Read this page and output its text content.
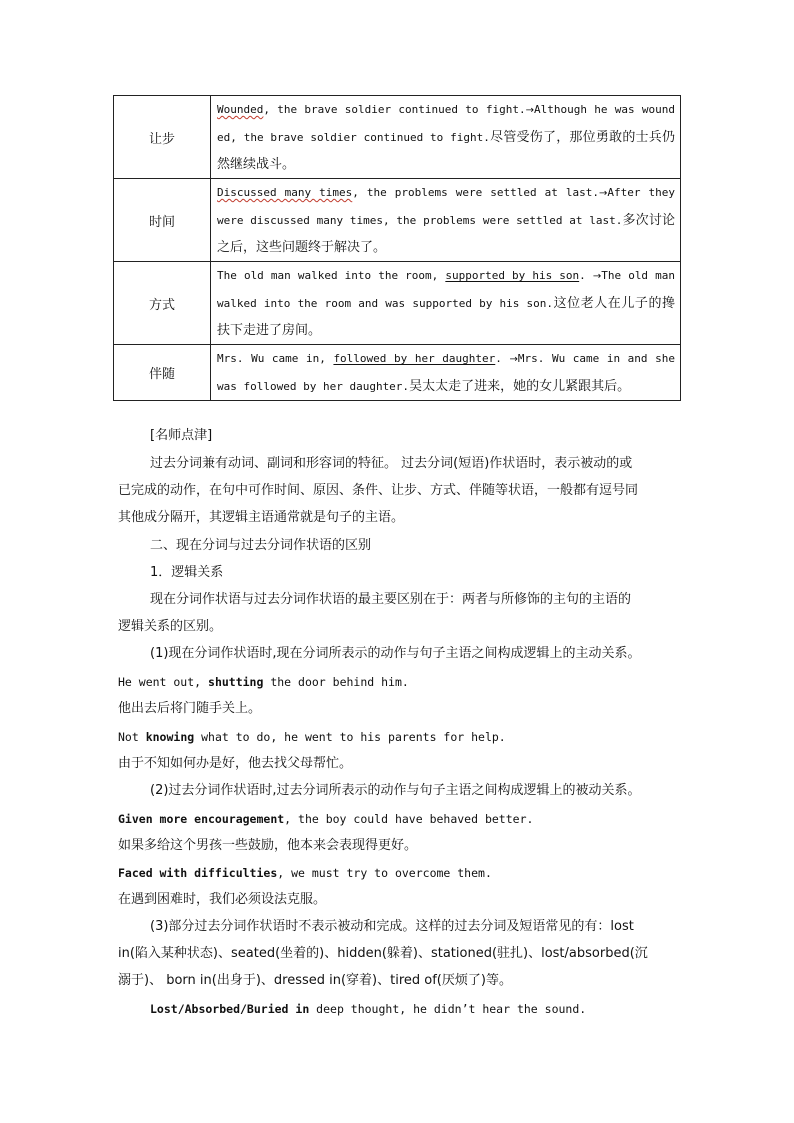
让步	Wounded, the brave soldier continued to fight.→Although he was wounded, the brave soldier continued to fight.尽管受伤了，那位勇敢的士兵仍然继续战斗。

时间	Discussed many times, the problems were settled at last.→After they were discussed many times, the problems were settled at last.多次讨论之后，这些问题终于解决了。

方式	The old man walked into the room, supported by his son. →The old man walked into the room and was supported by his son.这位老人在儿子的搀扶下走进了房间。

伴随	Mrs. Wu came in, followed by her daughter. →Mrs. Wu came in and she was followed by her daughter.吴太太走了进来，她的女儿紧跟其后。
[名师点津]
过去分词兼有动词、副词和形容词的特征。 过去分词(短语)作状语时，表示被动的或
已完成的动作，在句中可作时间、原因、条件、让步、方式、伴随等状语，一般都有逗号同
其他成分隔开，其逻辑主语通常就是句子的主语。
二、现在分词与过去分词作状语的区别
1．逻辑关系
现在分词作状语与过去分词作状语的最主要区别在于：两者与所修饰的主句的主语的
逻辑关系的区别。
(1)现在分词作状语时,现在分词所表示的动作与句子主语之间构成逻辑上的主动关系。
He went out, shutting the door behind him.
他出去后将门随手关上。
Not knowing what to do, he went to his parents for help.
由于不知如何办是好，他去找父母帮忙。
(2)过去分词作状语时,过去分词所表示的动作与句子主语之间构成逻辑上的被动关系。
Given more encouragement, the boy could have behaved better.
如果多给这个男孩一些鼓励，他本来会表现得更好。
Faced with difficulties, we must try to overcome them.
在遇到困难时，我们必须设法克服。
(3)部分过去分词作状语时不表示被动和完成。这样的过去分词及短语常见的有：lost
in(陷入某种状态)、seated(坐着的)、hidden(躲着)、stationed(驻扎)、lost/absorbed(沉
溺于)、 born in(出身于)、dressed in(穿着)、tired of(厌烦了)等。
Lost/Absorbed/Buried in deep thought, he didn’t hear the sound.
